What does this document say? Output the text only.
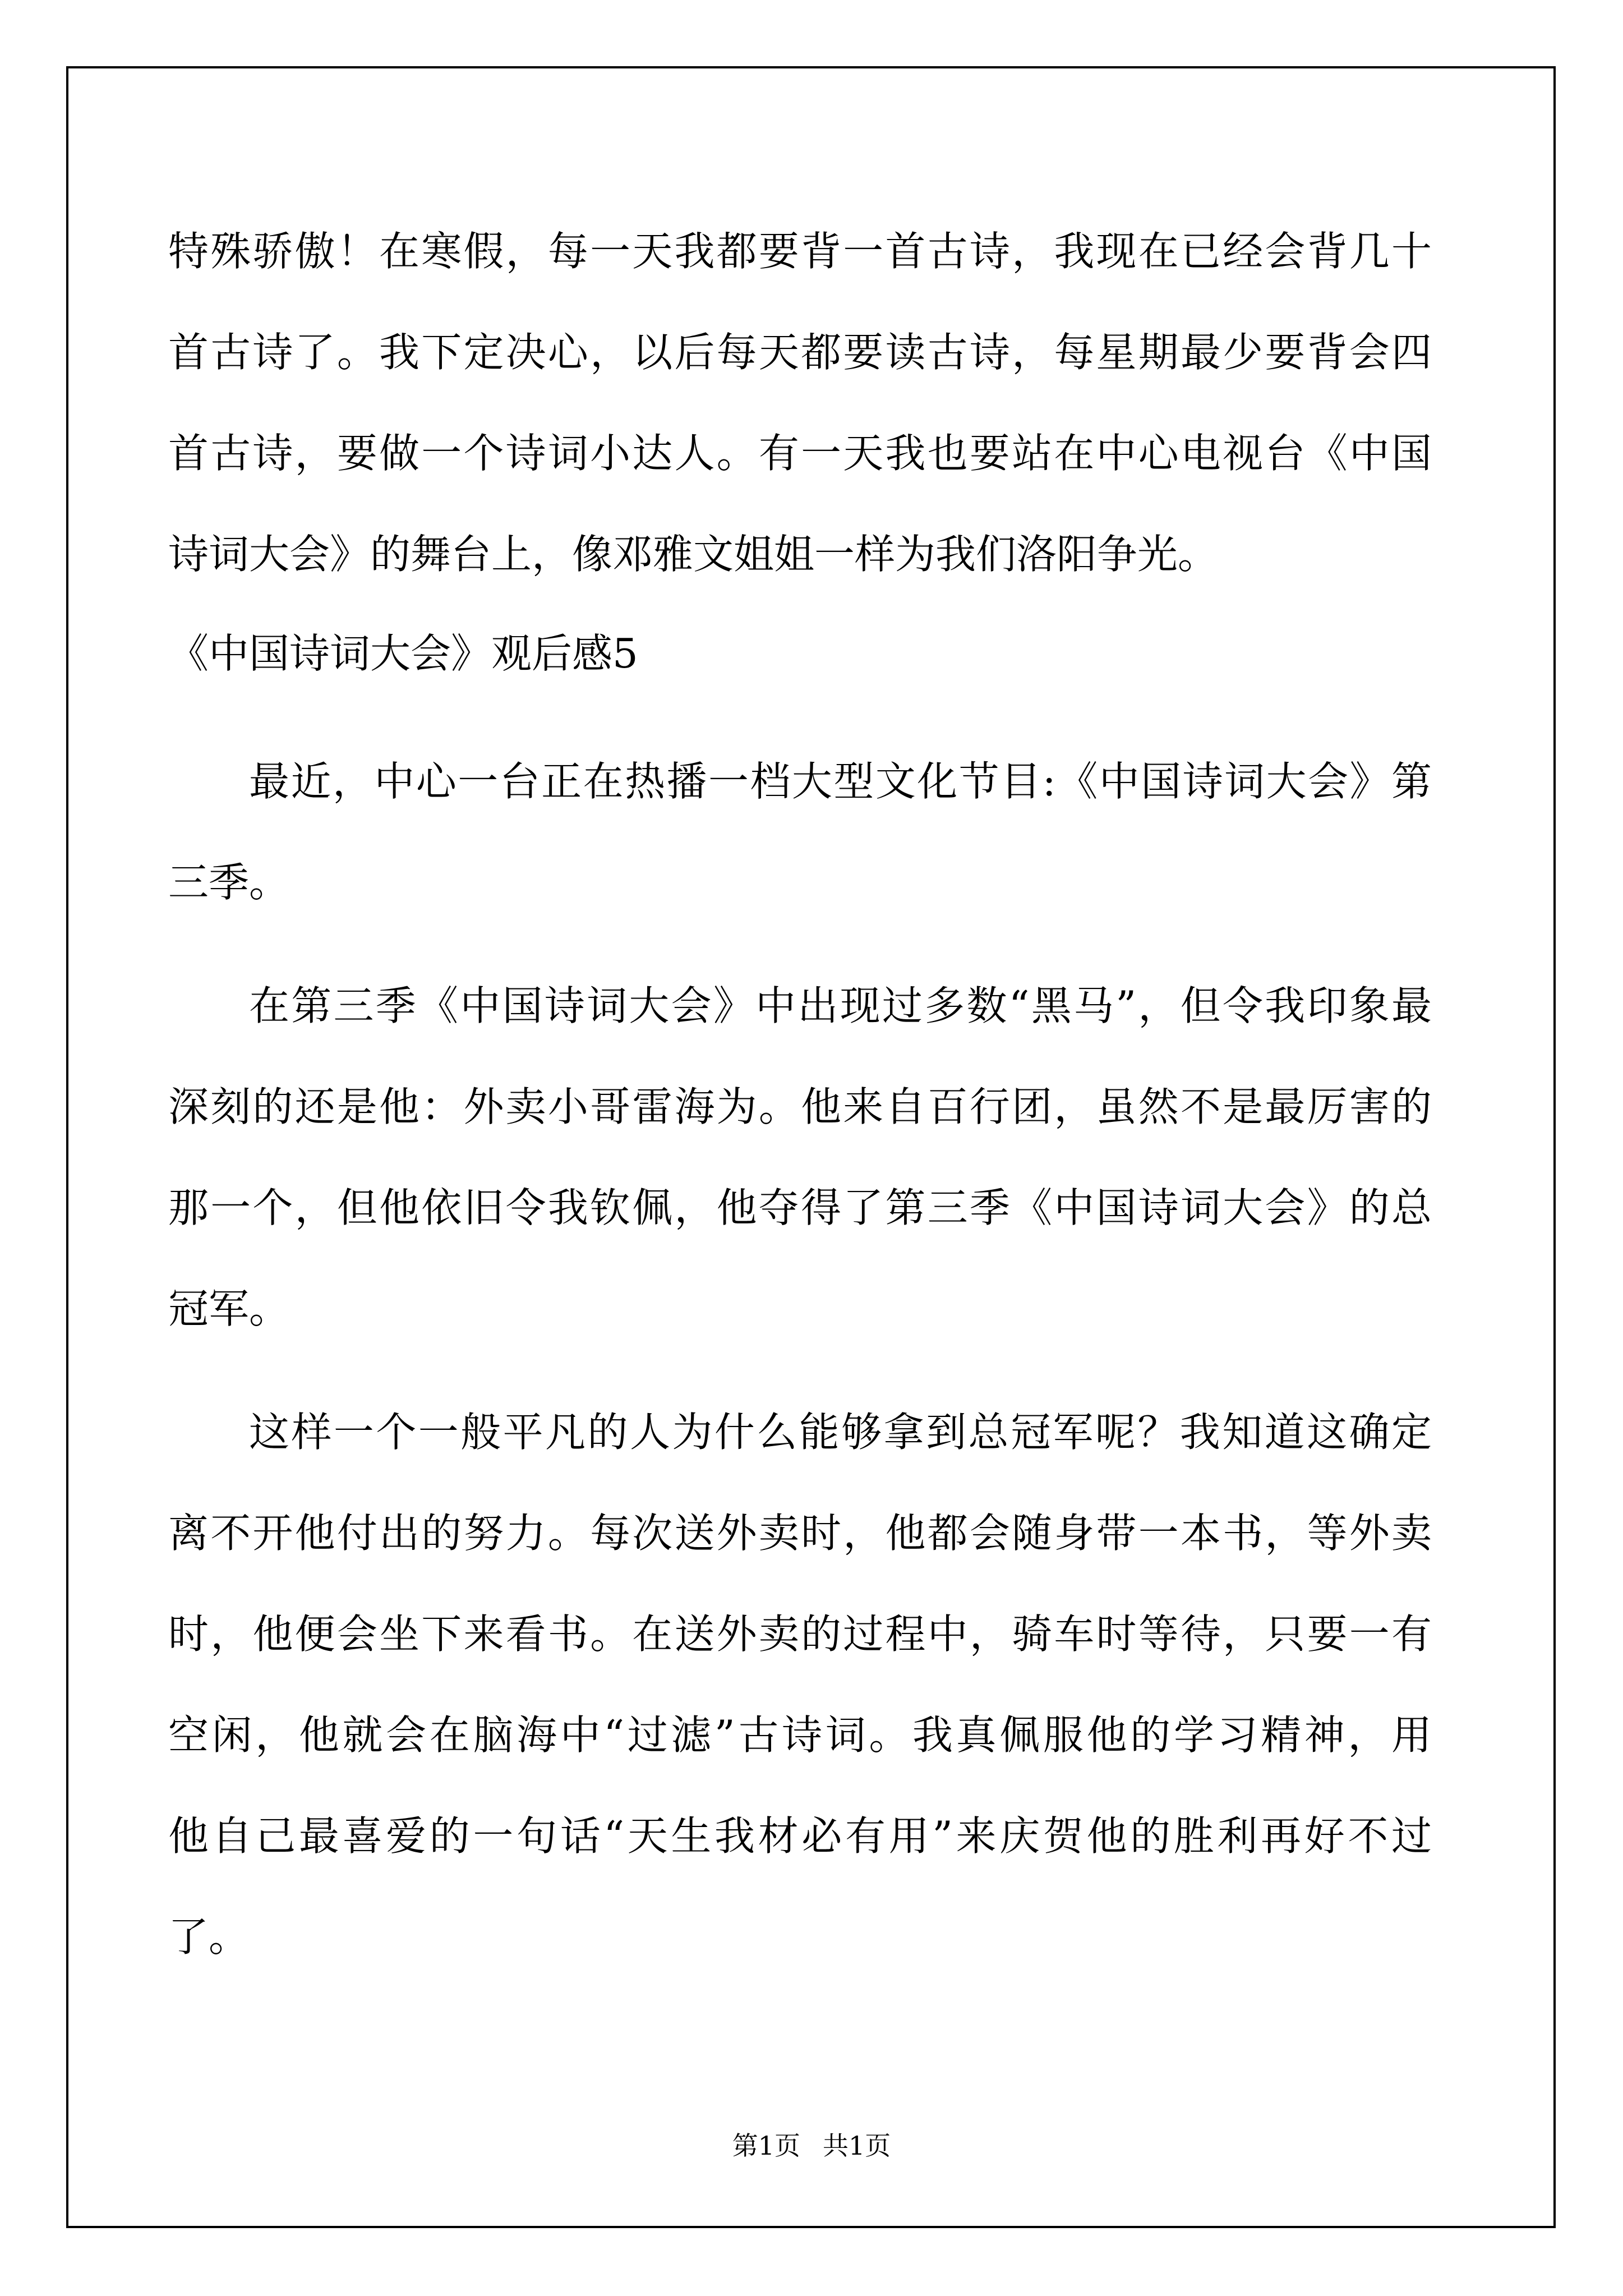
特殊骄傲！在寒假，每一天我都要背一首古诗，我现在已经会背几十
首古诗了。我下定决心，以后每天都要读古诗，每星期最少要背会四
首古诗，要做一个诗词小达人。有一天我也要站在中心电视台《中国
诗词大会》的舞台上，像邓雅文姐姐一样为我们洛阳争光。
《中国诗词大会》观后感5
最近，中心一台正在热播一档大型文化节目:《中国诗词大会》第
三季。
在第三季《中国诗词大会》中出现过多数“黑马”，但令我印象最
深刻的还是他：外卖小哥雷海为。他来自百行团，虽然不是最厉害的
那一个，但他依旧令我钦佩，他夺得了第三季《中国诗词大会》的总
冠军。
这样一个一般平凡的人为什么能够拿到总冠军呢？我知道这确定
离不开他付出的努力。每次送外卖时，他都会随身带一本书，等外卖
时，他便会坐下来看书。在送外卖的过程中，骑车时等待，只要一有
空闲，他就会在脑海中“过滤”古诗词。我真佩服他的学习精神，用
他自己最喜爱的一句话“天生我材必有用”来庆贺他的胜利再好不过
了。
第1页 共1页
